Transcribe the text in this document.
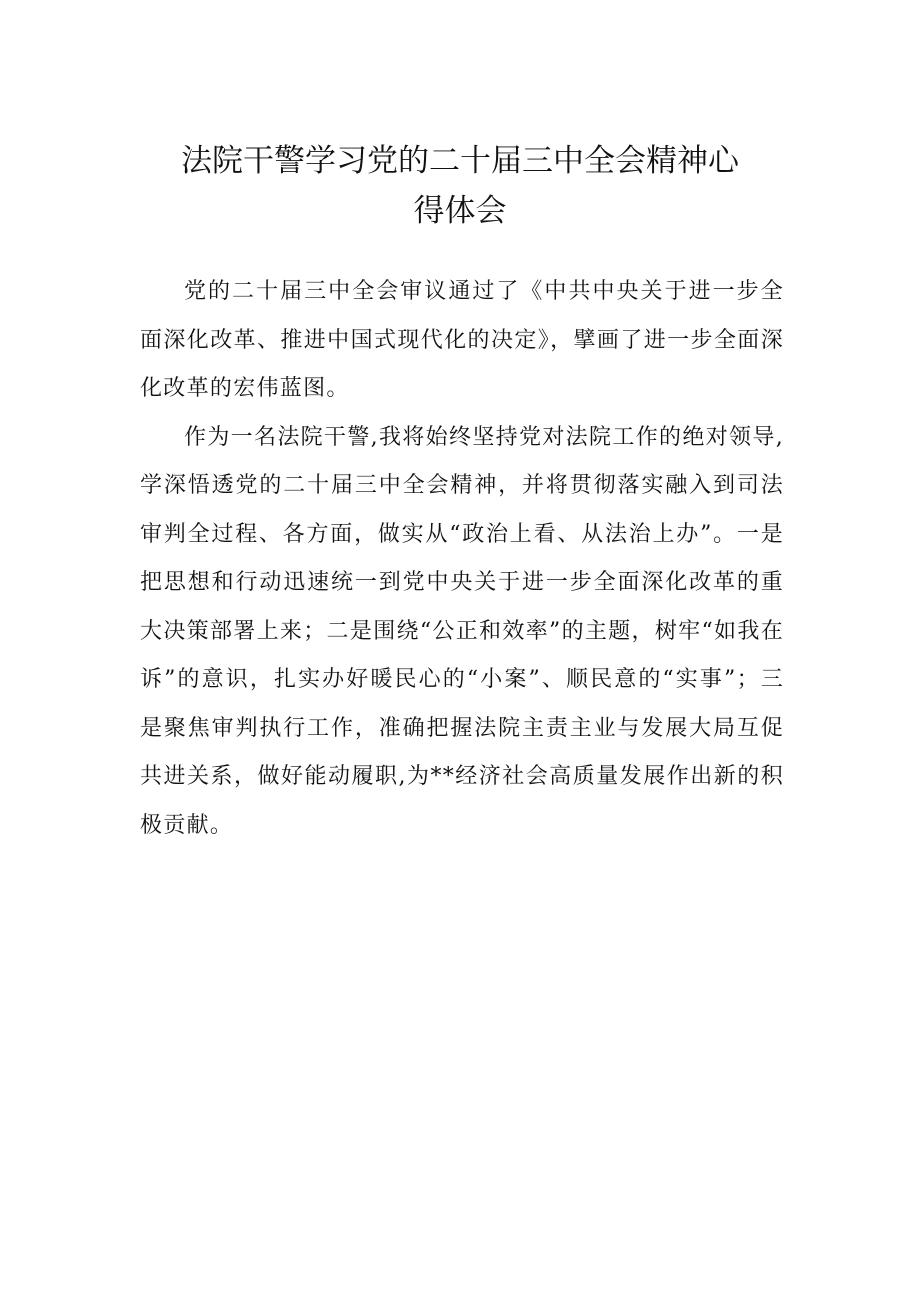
法院干警学习党的二十届三中全会精神心
得体会

党的二十届三中全会审议通过了《中共中央关于进一步全面深化改革、推进中国式现代化的决定》，擘画了进一步全面深化改革的宏伟蓝图。

作为一名法院干警,我将始终坚持党对法院工作的绝对领导,学深悟透党的二十届三中全会精神，并将贯彻落实融入到司法审判全过程、各方面，做实从“政治上看、从法治上办”。一是把思想和行动迅速统一到党中央关于进一步全面深化改革的重大决策部署上来；二是围绕“公正和效率”的主题，树牢“如我在诉”的意识，扎实办好暖民心的“小案”、顺民意的“实事”；三是聚焦审判执行工作，准确把握法院主责主业与发展大局互促共进关系，做好能动履职,为**经济社会高质量发展作出新的积极贡献。
